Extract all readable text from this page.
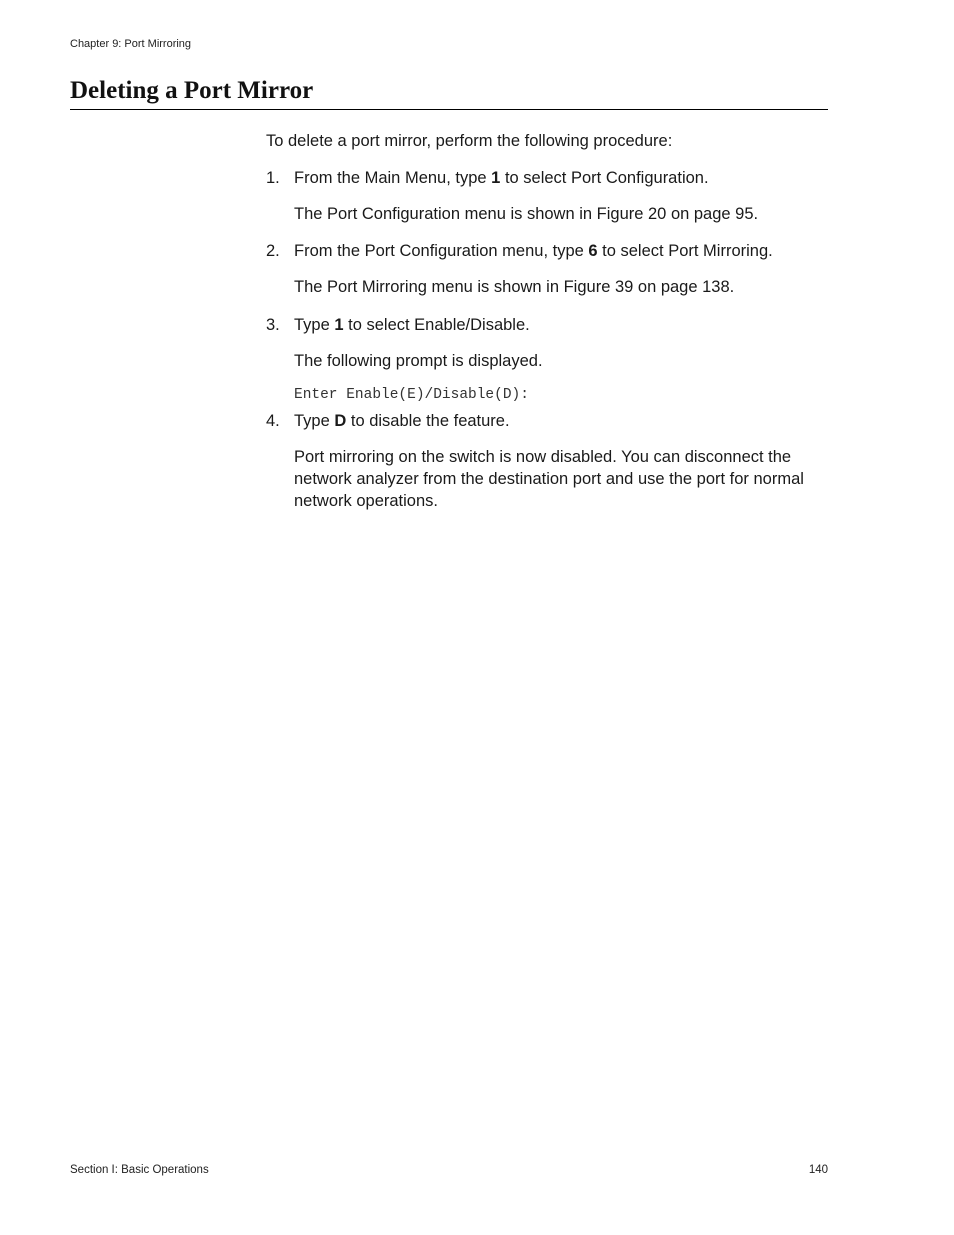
Chapter 9: Port Mirroring
Deleting a Port Mirror

To delete a port mirror, perform the following procedure:

1. From the Main Menu, type 1 to select Port Configuration.

The Port Configuration menu is shown in Figure 20 on page 95.

2. From the Port Configuration menu, type 6 to select Port Mirroring.

The Port Mirroring menu is shown in Figure 39 on page 138.

3. Type 1 to select Enable/Disable.

The following prompt is displayed.

Enter Enable(E)/Disable(D):
4. Type D to disable the feature.

Port mirroring on the switch is now disabled. You can disconnect the network analyzer from the destination port and use the port for normal network operations.

Section I: Basic Operations	140
